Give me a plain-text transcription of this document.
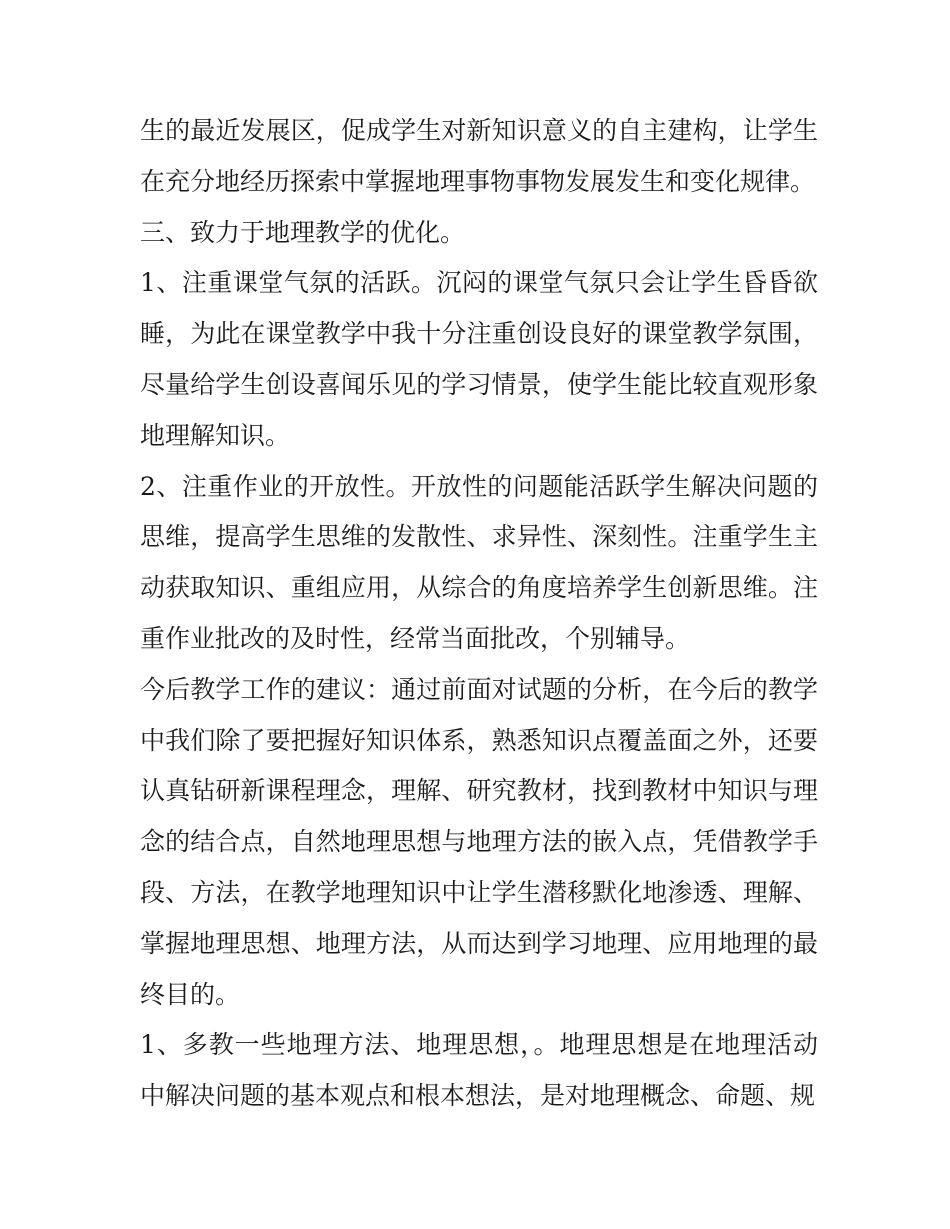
生的最近发展区，促成学生对新知识意义的自主建构，让学生在充分地经历探索中掌握地理事物事物发展发生和变化规律。

三、致力于地理教学的优化。

1、注重课堂气氛的活跃。沉闷的课堂气氛只会让学生昏昏欲睡，为此在课堂教学中我十分注重创设良好的课堂教学氛围，尽量给学生创设喜闻乐见的学习情景，使学生能比较直观形象地理解知识。

2、注重作业的开放性。开放性的问题能活跃学生解决问题的思维，提高学生思维的发散性、求异性、深刻性。注重学生主动获取知识、重组应用，从综合的角度培养学生创新思维。注重作业批改的及时性，经常当面批改，个别辅导。

今后教学工作的建议：通过前面对试题的分析，在今后的教学中我们除了要把握好知识体系，熟悉知识点覆盖面之外，还要认真钻研新课程理念，理解、研究教材，找到教材中知识与理念的结合点，自然地理思想与地理方法的嵌入点，凭借教学手段、方法，在教学地理知识中让学生潜移默化地渗透、理解、掌握地理思想、地理方法，从而达到学习地理、应用地理的最终目的。

1、多教一些地理方法、地理思想，。地理思想是在地理活动中解决问题的基本观点和根本想法，是对地理概念、命题、规
